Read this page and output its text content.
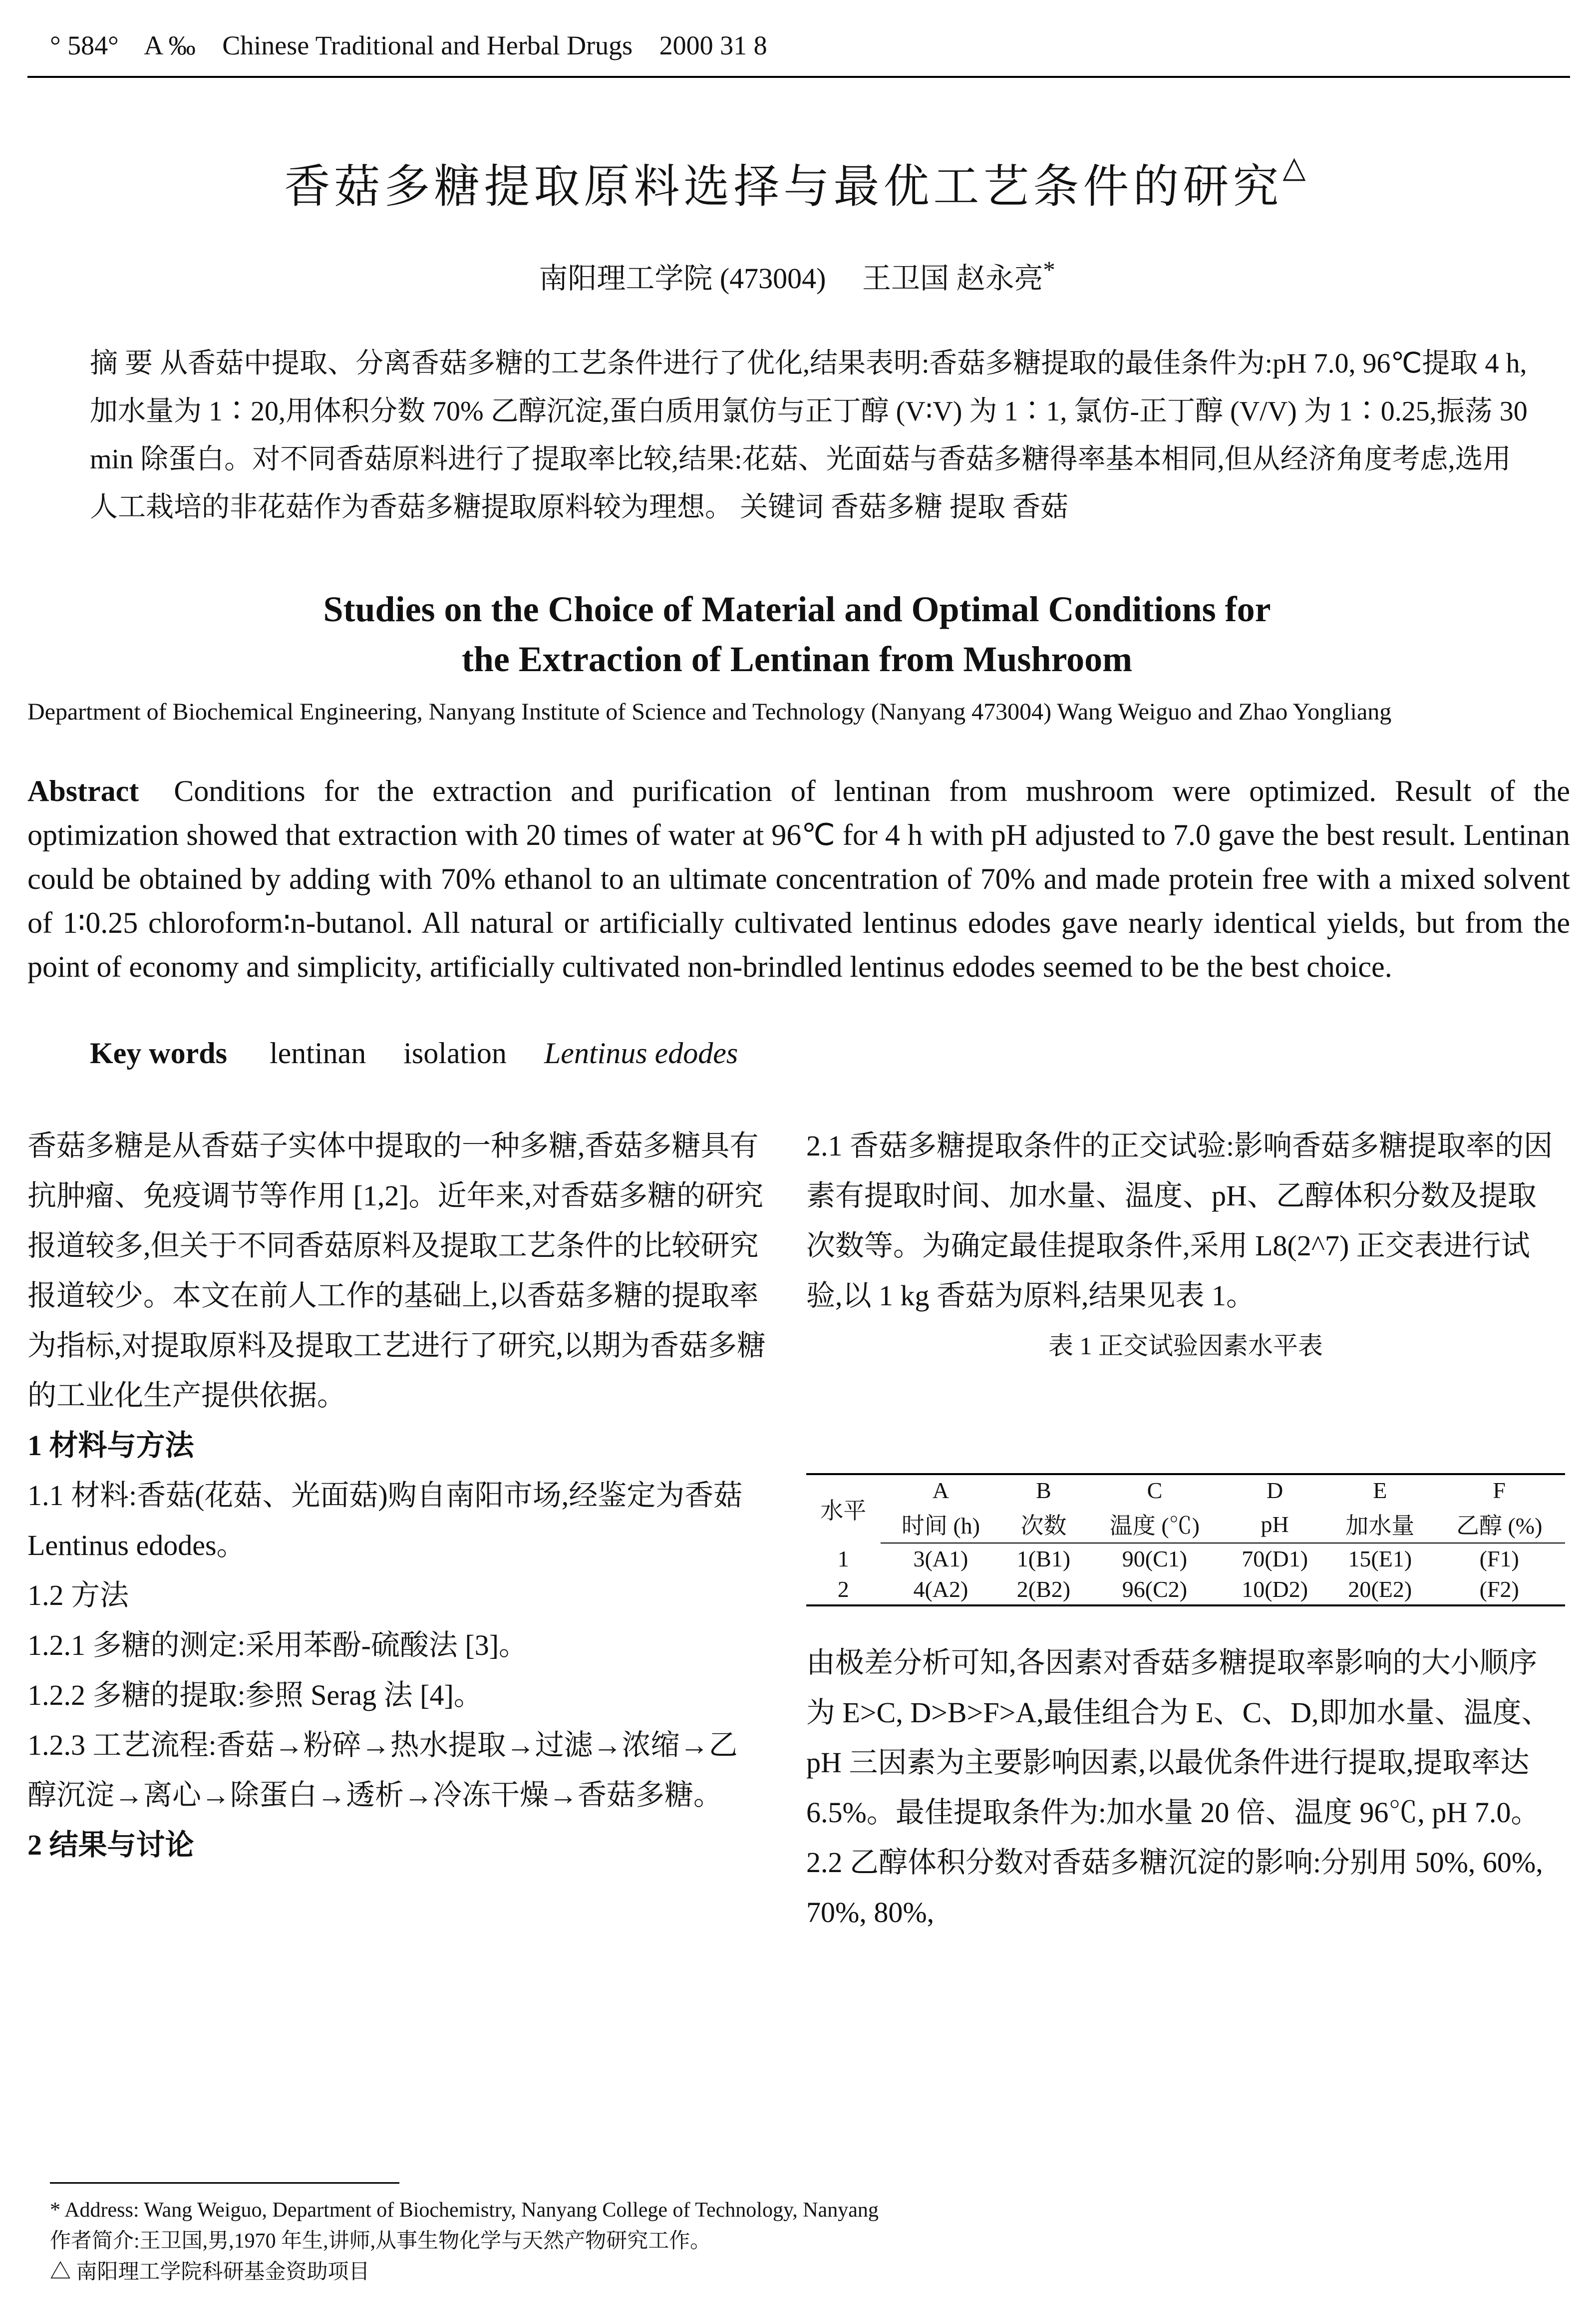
° 584° A ‰ Chinese Traditional and Herbal Drugs 2000 31 8
香菇多糖提取原料选择与最优工艺条件的研究△
南阳理工学院 (473004) 王卫国 赵永亮*
摘 要 从香菇中提取、分离香菇多糖的工艺条件进行了优化,结果表明:香菇多糖提取的最佳条件为:pH 7.0, 96℃提取 4 h, 加水量为 1∶20,用体积分数 70% 乙醇沉淀,蛋白质用氯仿与正丁醇 (V∶V) 为 1∶1, 氯仿-正丁醇 (V/V) 为 1∶0.25,振荡 30 min 除蛋白。对不同香菇原料进行了提取率比较,结果:花菇、光面菇与香菇多糖得率基本相同,但从经济角度考虑,选用人工栽培的非花菇作为香菇多糖提取原料较为理想。 关键词 香菇多糖 提取 香菇
Studies on the Choice of Material and Optimal Conditions for
the Extraction of Lentinan from Mushroom
Department of Biochemical Engineering, Nanyang Institute of Science and Technology (Nanyang 473004) Wang Weiguo and Zhao Yongliang
Abstract Conditions for the extraction and purification of lentinan from mushroom were optimized. Result of the optimization showed that extraction with 20 times of water at 96℃ for 4 h with pH adjusted to 7.0 gave the best result. Lentinan could be obtained by adding with 70% ethanol to an ultimate concentration of 70% and made protein free with a mixed solvent of 1∶0.25 chloroform∶n-butanol. All natural or artificially cultivated lentinus edodes gave nearly identical yields, but from the point of economy and simplicity, artificially cultivated non-brindled lentinus edodes seemed to be the best choice.
Key words lentinan isolation Lentinus edodes

香菇多糖是从香菇子实体中提取的一种多糖,香菇多糖具有抗肿瘤、免疫调节等作用 [1,2]。近年来,对香菇多糖的研究报道较多,但关于不同香菇原料及提取工艺条件的比较研究报道较少。本文在前人工作的基础上,以香菇多糖的提取率为指标,对提取原料及提取工艺进行了研究,以期为香菇多糖的工业化生产提供依据。

1 材料与方法

1.1 材料:香菇(花菇、光面菇)购自南阳市场,经鉴定为香菇 Lentinus edodes。

1.2 方法

1.2.1 多糖的测定:采用苯酚-硫酸法 [3]。

1.2.2 多糖的提取:参照 Serag 法 [4]。

1.2.3 工艺流程:香菇→粉碎→热水提取→过滤→浓缩→乙醇沉淀→离心→除蛋白→透析→冷冻干燥→香菇多糖。

2 结果与讨论

2.1 香菇多糖提取条件的正交试验:影响香菇多糖提取率的因素有提取时间、加水量、温度、pH、乙醇体积分数及提取次数等。为确定最佳提取条件,采用 L8(2^7) 正交表进行试验,以 1 kg 香菇为原料,结果见表 1。

表 1 正交试验因素水平表

水平	A	B	C	D	E	F
	时间 (h)	次数	温度 (℃)	pH	加水量	乙醇 (%)
1	3(A1)	1(B1)	90(C1)	70(D1)	15(E1)	(F1)
2	4(A2)	2(B2)	96(C2)	10(D2)	20(E2)	(F2)

由极差分析可知,各因素对香菇多糖提取率影响的大小顺序为 E>C, D>B>F>A,最佳组合为 E、C、D,即加水量、温度、pH 三因素为主要影响因素,以最优条件进行提取,提取率达 6.5%。最佳提取条件为:加水量 20 倍、温度 96℃, pH 7.0。

2.2 乙醇体积分数对香菇多糖沉淀的影响:分别用 50%, 60%, 70%, 80%,

* Address: Wang Weiguo, Department of Biochemistry, Nanyang College of Technology, Nanyang
作者简介:王卫国,男,1970 年生,讲师,从事生物化学与天然产物研究工作。
△ 南阳理工学院科研基金资助项目
